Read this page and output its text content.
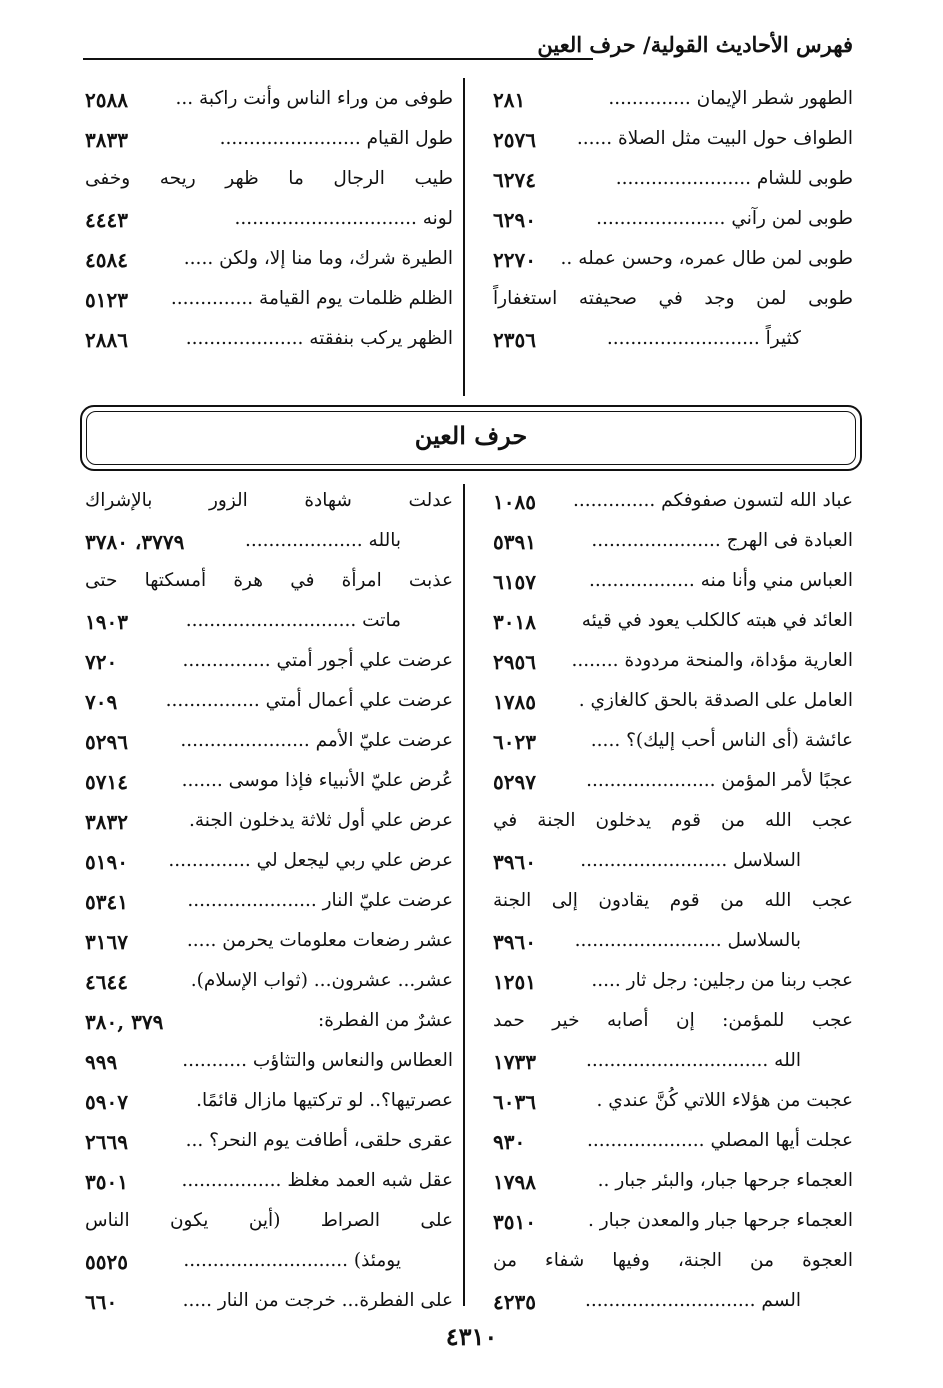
فهرس الأحاديث القولية/ حرف العين
الطهور شطر الإيمان ..............
٢٨١
الطواف حول البيت مثل الصلاة ......
٢٥٧٦
طوبى للشام .......................
٦٢٧٤
طوبى لمن رآني ......................
٦٢٩٠
طوبى لمن طال عمره، وحسن عمله ..
٢٢٧٠
طوبى لمن وجد في صحيفته استغفاراً
كثيراً ..........................
٢٣٥٦
طوفى من وراء الناس وأنت راكبة ...
٢٥٨٨
طول القيام ........................
٣٨٣٣
طيب الرجال ما ظهر ريحه وخفى
لونه ...............................
٤٤٤٣
الطيرة شرك، وما منا إلا، ولكن .....
٤٥٨٤
الظلم ظلمات يوم القيامة ..............
٥١٢٣
الظهر يركب بنفقته ....................
٢٨٨٦
حرف العين
عباد الله لتسون صفوفكم ..............
١٠٨٥
العبادة فى الهرج ......................
٥٣٩١
العباس مني وأنا منه ..................
٦١٥٧
العائد في هبته كالكلب يعود في قيئه
٣٠١٨
العارية مؤداة، والمنحة مردودة ........
٢٩٥٦
العامل على الصدقة بالحق كالغازي .
١٧٨٥
عائشة (أى الناس أحب إليك)؟ .....
٦٠٢٣
عجبًا لأمر المؤمن ......................
٥٢٩٧
عجب الله من قوم يدخلون الجنة في
السلاسل .........................
٣٩٦٠
عجب الله من قوم يقادون إلى الجنة
بالسلاسل .........................
٣٩٦٠
عجب ربنا من رجلين: رجل ثار .....
١٢٥١
عجب للمؤمن: إن أصابه خير حمد
الله ...............................
١٧٣٣
عجبت من هؤلاء اللاتي كُنَّ عندي .
٦٠٣٦
عجلت أيها المصلي ....................
٩٣٠
العجماء جرحها جبار، والبئر جبار ..
١٧٩٨
العجماء جرحها جبار والمعدن جبار .
٣٥١٠
العجوة من الجنة، وفيها شفاء من
السم .............................
٤٢٣٥
عدلت شهادة الزور بالإشراك
بالله ....................
٣٧٧٩، ٣٧٨٠
عذبت امرأة في هرة أمسكتها حتى
ماتت .............................
١٩٠٣
عرضت علي أجور أمتي ...............
٧٢٠
عرضت علي أعمال أمتي ................
٧٠٩
عرضت عليّ الأمم ......................
٥٢٩٦
عُرض عليّ الأنبياء فإذا موسى .......
٥٧١٤
عرض علي أول ثلاثة يدخلون الجنة.
٣٨٣٢
عرض علي ربي ليجعل لي ..............
٥١٩٠
عرضت عليّ النار ......................
٥٣٤١
عشر رضعات معلومات يحرمن .....
٣١٦٧
عشر... عشرون... (ثواب الإسلام).
٤٦٤٤
عشرٌ من الفطرة:
٣٧٩ ,٣٨٠
العطاس والنعاس والتثاؤب ...........
٩٩٩
عصرتيها؟.. لو تركتيها مازال قائمًا.
٥٩٠٧
عقرى حلقى، أطافت يوم النحر؟ ...
٢٦٦٩
عقل شبه العمد مغلظ .................
٣٥٠١
على الصراط (أين يكون الناس
يومئذ) ............................
٥٥٢٥
على الفطرة... خرجت من النار .....
٦٦٠
٤٣١٠
